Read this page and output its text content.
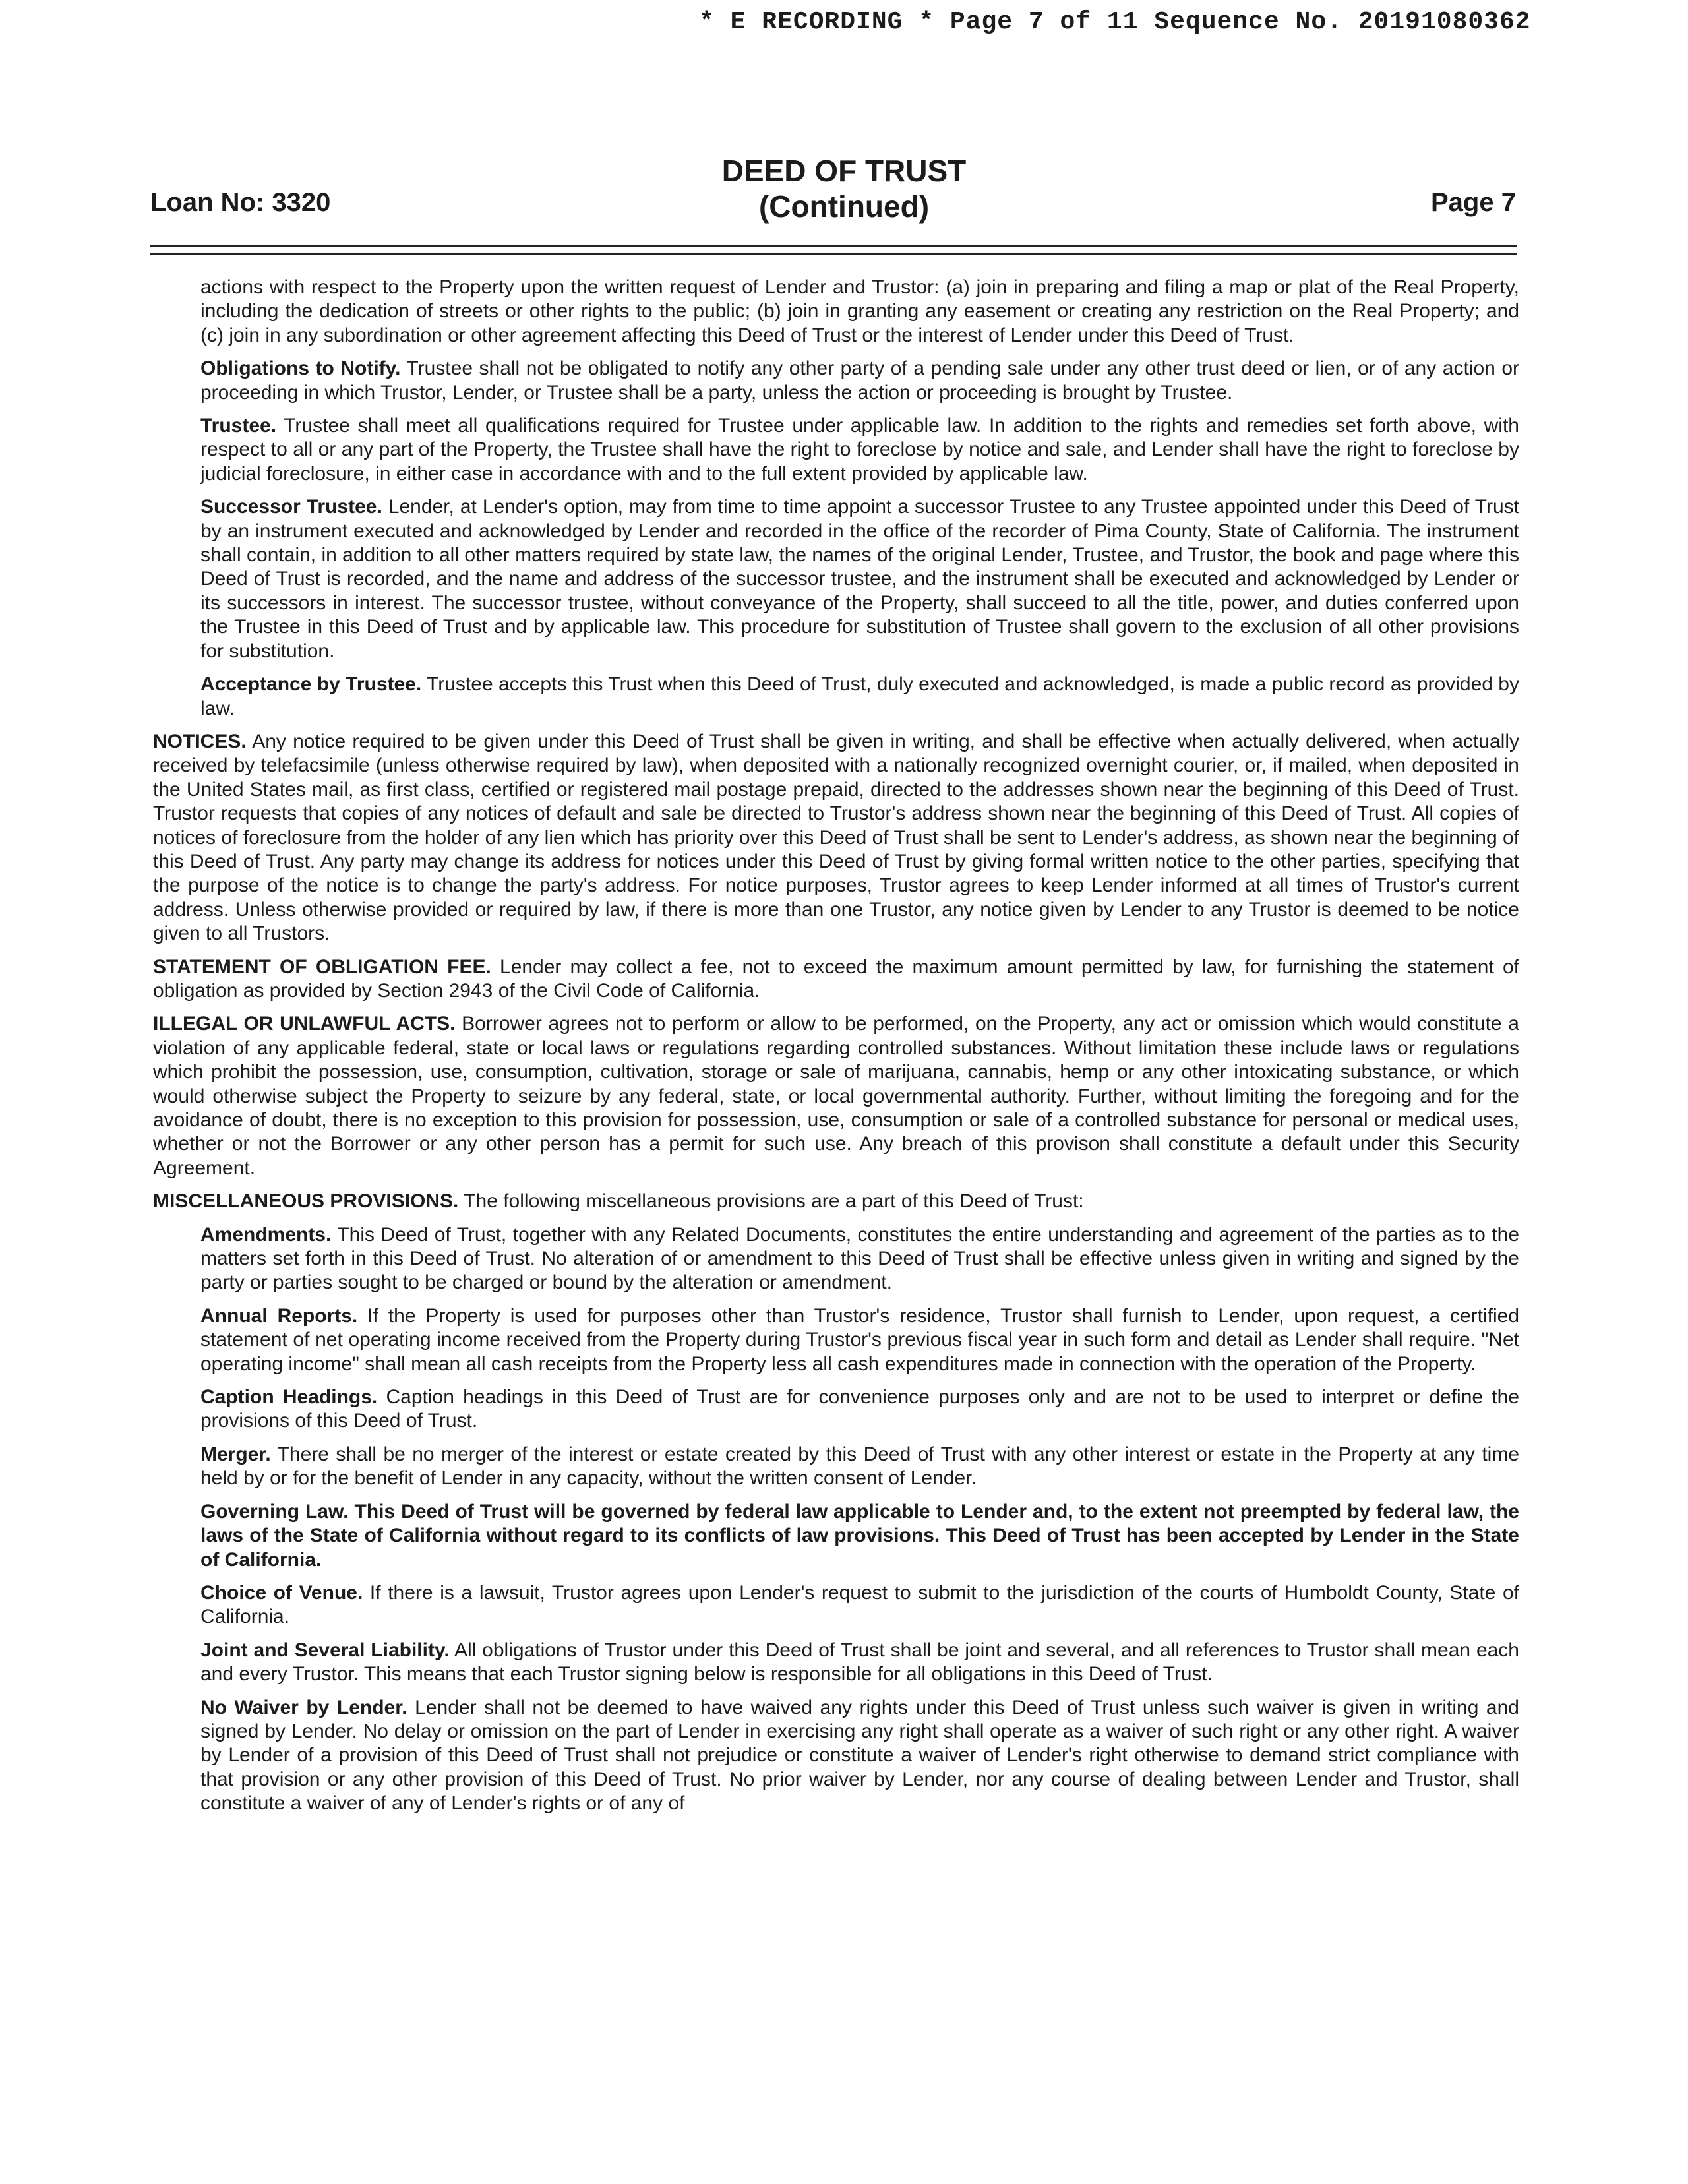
* E RECORDING * Page 7 of 11 Sequence No. 20191080362
Loan No: 3320
DEED OF TRUST
(Continued)	Page 7

actions with respect to the Property upon the written request of Lender and Trustor: (a) join in preparing and filing a map or plat of the Real Property, including the dedication of streets or other rights to the public; (b) join in granting any easement or creating any restriction on the Real Property; and (c) join in any subordination or other agreement affecting this Deed of Trust or the interest of Lender under this Deed of Trust.

Obligations to Notify. Trustee shall not be obligated to notify any other party of a pending sale under any other trust deed or lien, or of any action or proceeding in which Trustor, Lender, or Trustee shall be a party, unless the action or proceeding is brought by Trustee.

Trustee. Trustee shall meet all qualifications required for Trustee under applicable law. In addition to the rights and remedies set forth above, with respect to all or any part of the Property, the Trustee shall have the right to foreclose by notice and sale, and Lender shall have the right to foreclose by judicial foreclosure, in either case in accordance with and to the full extent provided by applicable law.

Successor Trustee. Lender, at Lender's option, may from time to time appoint a successor Trustee to any Trustee appointed under this Deed of Trust by an instrument executed and acknowledged by Lender and recorded in the office of the recorder of Pima County, State of California. The instrument shall contain, in addition to all other matters required by state law, the names of the original Lender, Trustee, and Trustor, the book and page where this Deed of Trust is recorded, and the name and address of the successor trustee, and the instrument shall be executed and acknowledged by Lender or its successors in interest. The successor trustee, without conveyance of the Property, shall succeed to all the title, power, and duties conferred upon the Trustee in this Deed of Trust and by applicable law. This procedure for substitution of Trustee shall govern to the exclusion of all other provisions for substitution.

Acceptance by Trustee. Trustee accepts this Trust when this Deed of Trust, duly executed and acknowledged, is made a public record as provided by law.

NOTICES. Any notice required to be given under this Deed of Trust shall be given in writing, and shall be effective when actually delivered, when actually received by telefacsimile (unless otherwise required by law), when deposited with a nationally recognized overnight courier, or, if mailed, when deposited in the United States mail, as first class, certified or registered mail postage prepaid, directed to the addresses shown near the beginning of this Deed of Trust. Trustor requests that copies of any notices of default and sale be directed to Trustor's address shown near the beginning of this Deed of Trust. All copies of notices of foreclosure from the holder of any lien which has priority over this Deed of Trust shall be sent to Lender's address, as shown near the beginning of this Deed of Trust. Any party may change its address for notices under this Deed of Trust by giving formal written notice to the other parties, specifying that the purpose of the notice is to change the party's address. For notice purposes, Trustor agrees to keep Lender informed at all times of Trustor's current address. Unless otherwise provided or required by law, if there is more than one Trustor, any notice given by Lender to any Trustor is deemed to be notice given to all Trustors.

STATEMENT OF OBLIGATION FEE. Lender may collect a fee, not to exceed the maximum amount permitted by law, for furnishing the statement of obligation as provided by Section 2943 of the Civil Code of California.

ILLEGAL OR UNLAWFUL ACTS. Borrower agrees not to perform or allow to be performed, on the Property, any act or omission which would constitute a violation of any applicable federal, state or local laws or regulations regarding controlled substances. Without limitation these include laws or regulations which prohibit the possession, use, consumption, cultivation, storage or sale of marijuana, cannabis, hemp or any other intoxicating substance, or which would otherwise subject the Property to seizure by any federal, state, or local governmental authority. Further, without limiting the foregoing and for the avoidance of doubt, there is no exception to this provision for possession, use, consumption or sale of a controlled substance for personal or medical uses, whether or not the Borrower or any other person has a permit for such use. Any breach of this provison shall constitute a default under this Security Agreement.

MISCELLANEOUS PROVISIONS. The following miscellaneous provisions are a part of this Deed of Trust:

Amendments. This Deed of Trust, together with any Related Documents, constitutes the entire understanding and agreement of the parties as to the matters set forth in this Deed of Trust. No alteration of or amendment to this Deed of Trust shall be effective unless given in writing and signed by the party or parties sought to be charged or bound by the alteration or amendment.

Annual Reports. If the Property is used for purposes other than Trustor's residence, Trustor shall furnish to Lender, upon request, a certified statement of net operating income received from the Property during Trustor's previous fiscal year in such form and detail as Lender shall require. "Net operating income" shall mean all cash receipts from the Property less all cash expenditures made in connection with the operation of the Property.

Caption Headings. Caption headings in this Deed of Trust are for convenience purposes only and are not to be used to interpret or define the provisions of this Deed of Trust.

Merger. There shall be no merger of the interest or estate created by this Deed of Trust with any other interest or estate in the Property at any time held by or for the benefit of Lender in any capacity, without the written consent of Lender.

Governing Law. This Deed of Trust will be governed by federal law applicable to Lender and, to the extent not preempted by federal law, the laws of the State of California without regard to its conflicts of law provisions. This Deed of Trust has been accepted by Lender in the State of California.

Choice of Venue. If there is a lawsuit, Trustor agrees upon Lender's request to submit to the jurisdiction of the courts of Humboldt County, State of California.

Joint and Several Liability. All obligations of Trustor under this Deed of Trust shall be joint and several, and all references to Trustor shall mean each and every Trustor. This means that each Trustor signing below is responsible for all obligations in this Deed of Trust.

No Waiver by Lender. Lender shall not be deemed to have waived any rights under this Deed of Trust unless such waiver is given in writing and signed by Lender. No delay or omission on the part of Lender in exercising any right shall operate as a waiver of such right or any other right. A waiver by Lender of a provision of this Deed of Trust shall not prejudice or constitute a waiver of Lender's right otherwise to demand strict compliance with that provision or any other provision of this Deed of Trust. No prior waiver by Lender, nor any course of dealing between Lender and Trustor, shall constitute a waiver of any of Lender's rights or of any of
